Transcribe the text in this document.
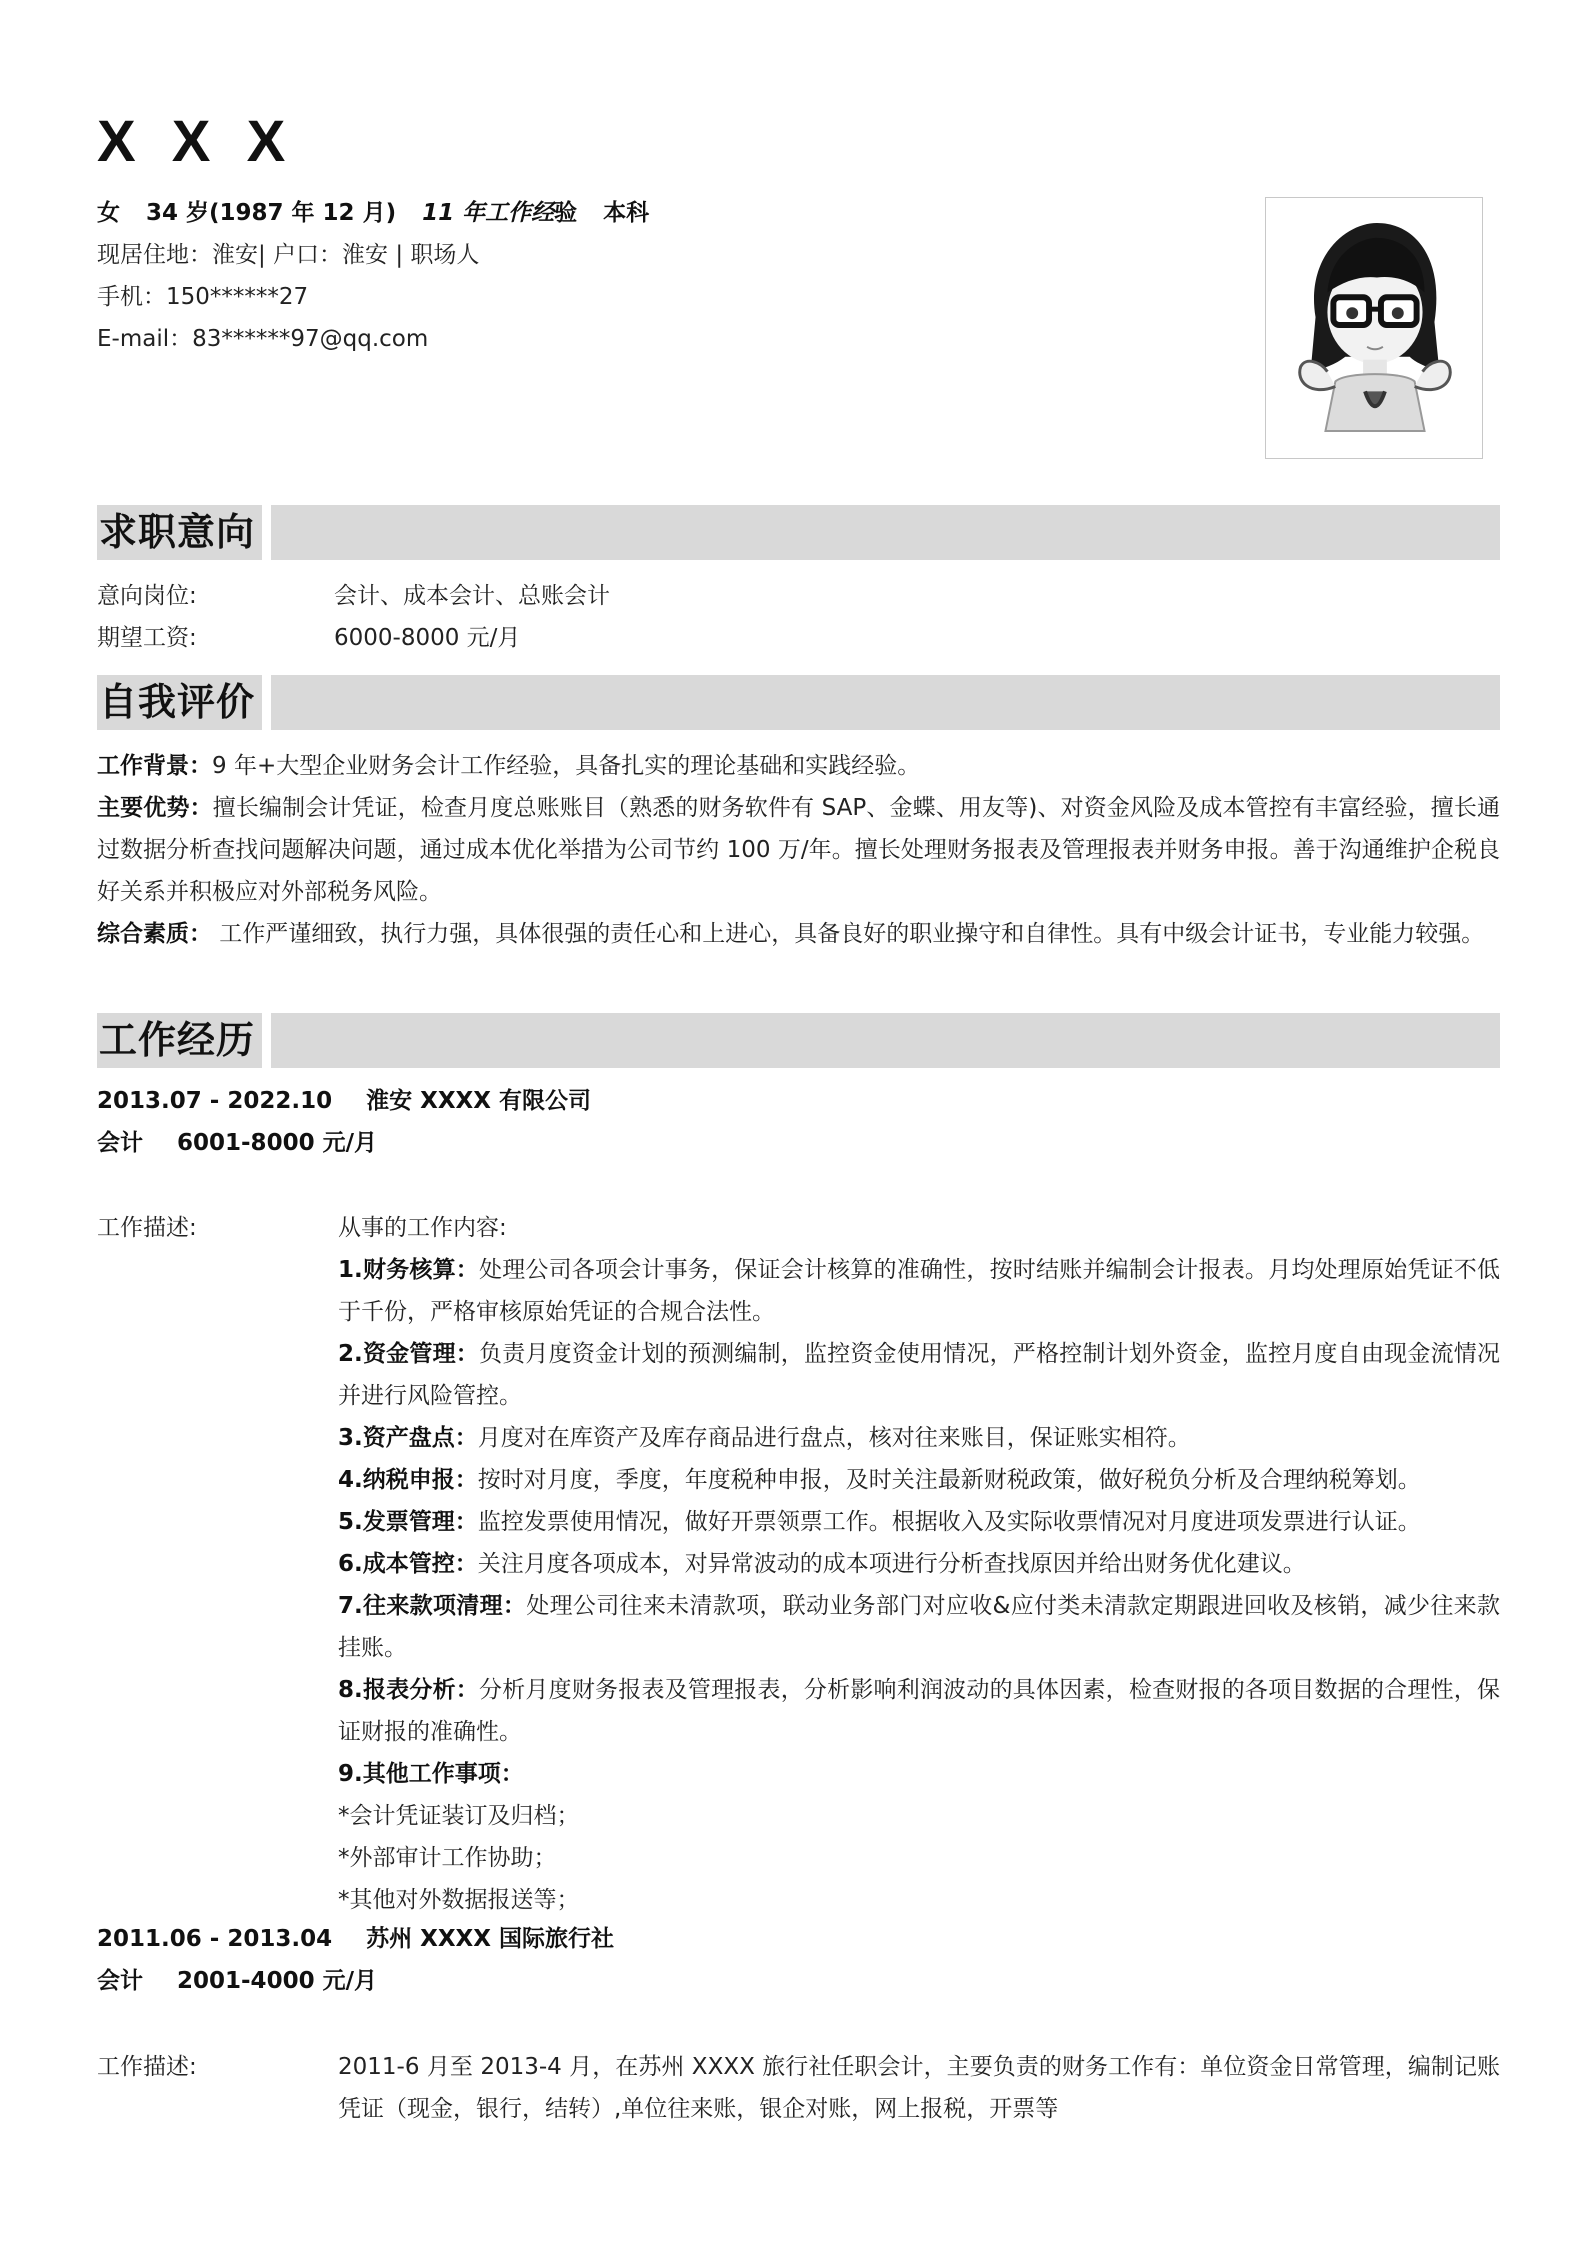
X X X
女 34 岁(1987 年 12 月) 11 年工作经验 本科
现居住地：淮安| 户口：淮安 | 职场人
手机：150******27
E-mail：83******97@qq.com
求职意向
意向岗位:	会计、成本会计、总账会计
期望工资:	6000-8000 元/月
自我评价

工作背景：9 年+大型企业财务会计工作经验，具备扎实的理论基础和实践经验。

主要优势：擅长编制会计凭证，检查月度总账账目（熟悉的财务软件有 SAP、金蝶、用友等)、对资金风险及成本管控有丰富经验，擅长通过数据分析查找问题解决问题，通过成本优化举措为公司节约 100 万/年。擅长处理财务报表及管理报表并财务申报。善于沟通维护企税良好关系并积极应对外部税务风险。

综合素质： 工作严谨细致，执行力强，具体很强的责任心和上进心，具备良好的职业操守和自律性。具有中级会计证书，专业能力较强。

工作经历
2013.07 - 2022.10 淮安 XXXX 有限公司
会计 6001-8000 元/月
工作描述:	从事的工作内容:

1.财务核算：处理公司各项会计事务，保证会计核算的准确性，按时结账并编制会计报表。月均处理原始凭证不低于千份，严格审核原始凭证的合规合法性。

2.资金管理：负责月度资金计划的预测编制，监控资金使用情况，严格控制计划外资金，监控月度自由现金流情况并进行风险管控。

3.资产盘点：月度对在库资产及库存商品进行盘点，核对往来账目，保证账实相符。

4.纳税申报：按时对月度，季度，年度税种申报，及时关注最新财税政策，做好税负分析及合理纳税筹划。

5.发票管理：监控发票使用情况，做好开票领票工作。根据收入及实际收票情况对月度进项发票进行认证。

6.成本管控：关注月度各项成本，对异常波动的成本项进行分析查找原因并给出财务优化建议。

7.往来款项清理：处理公司往来未清款项，联动业务部门对应收&应付类未清款定期跟进回收及核销，减少往来款挂账。

8.报表分析：分析月度财务报表及管理报表，分析影响利润波动的具体因素，检查财报的各项目数据的合理性，保证财报的准确性。

9.其他工作事项：

*会计凭证装订及归档；

*外部审计工作协助；

*其他对外数据报送等；

2011.06 - 2013.04 苏州 XXXX 国际旅行社
会计 2001-4000 元/月
工作描述:	2011-6 月至 2013-4 月，在苏州 XXXX 旅行社任职会计，主要负责的财务工作有：单位资金日常管理，编制记账凭证（现金，银行，结转）,单位往来账，银企对账，网上报税，开票等
